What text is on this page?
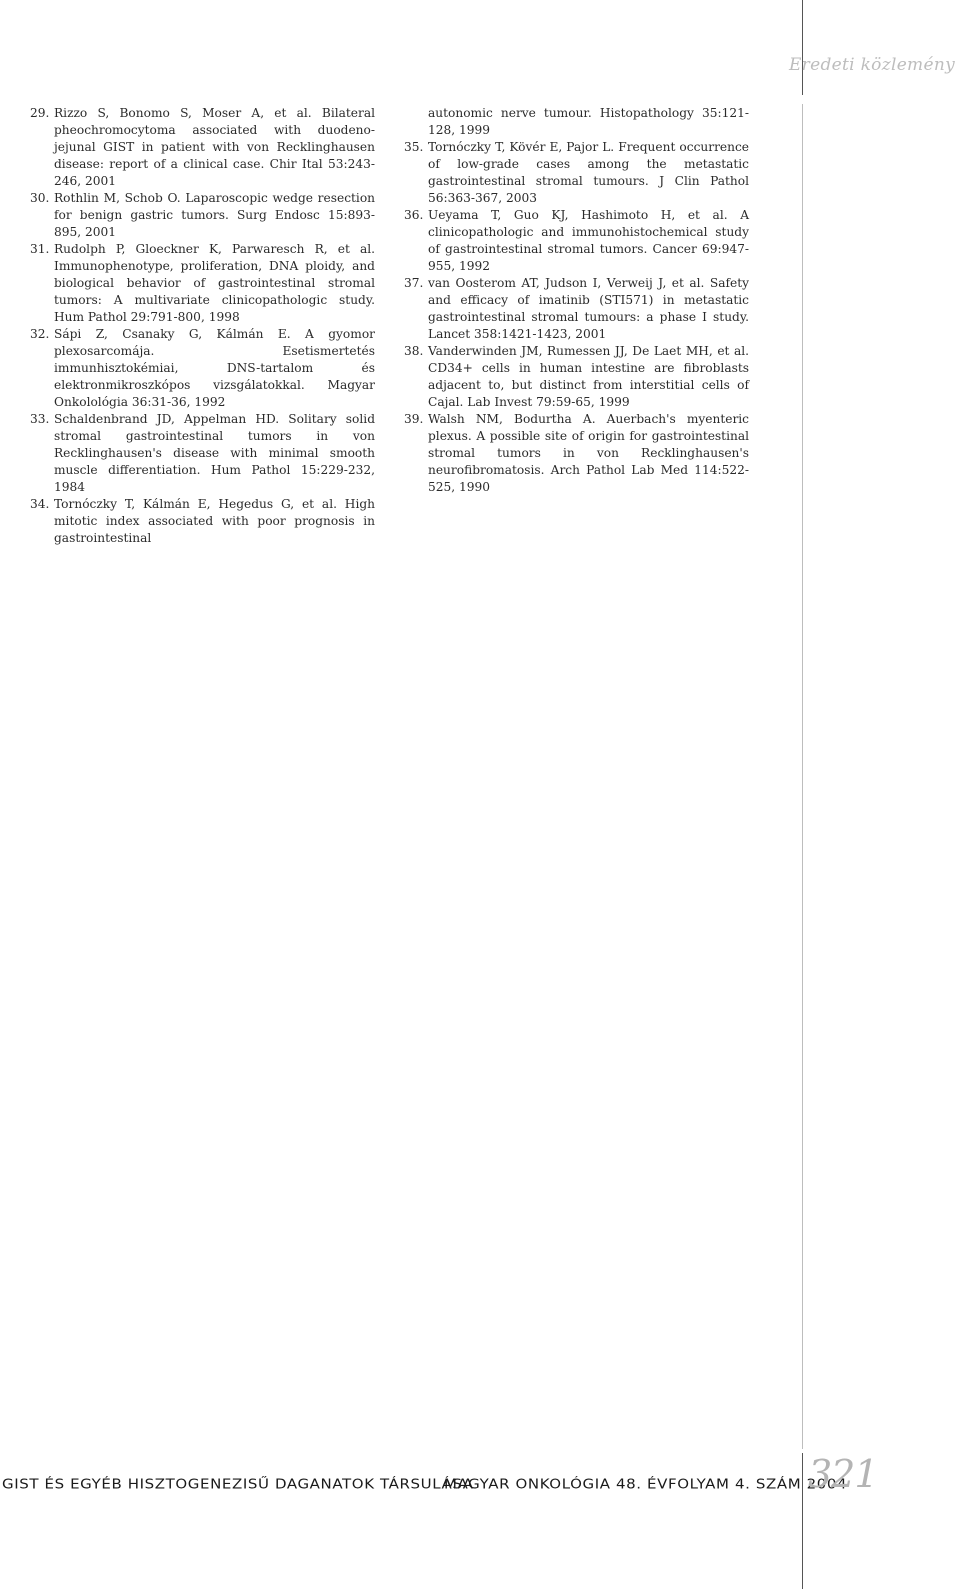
Eredeti közlemény
29. Rizzo S, Bonomo S, Moser A, et al. Bilateral pheochromocytoma associated with duodeno-jejunal GIST in patient with von Recklinghausen disease: report of a clinical case. Chir Ital 53:243-246, 2001
30. Rothlin M, Schob O. Laparoscopic wedge resection for benign gastric tumors. Surg Endosc 15:893-895, 2001
31. Rudolph P, Gloeckner K, Parwaresch R, et al. Immunophenotype, proliferation, DNA ploidy, and biological behavior of gastrointestinal stromal tumors: A multivariate clinicopathologic study. Hum Pathol 29:791-800, 1998
32. Sápi Z, Csanaky G, Kálmán E. A gyomor plexosarcomája. Esetismertetés immunhisztokémiai, DNS-tartalom és elektronmikroszkópos vizsgálatokkal. Magyar Onkolológia 36:31-36, 1992
33. Schaldenbrand JD, Appelman HD. Solitary solid stromal gastrointestinal tumors in von Recklinghausen's disease with minimal smooth muscle differentiation. Hum Pathol 15:229-232, 1984
34. Tornóczky T, Kálmán E, Hegedus G, et al. High mitotic index associated with poor prognosis in gastrointestinal
autonomic nerve tumour. Histopathology 35:121-128, 1999
35. Tornóczky T, Kövér E, Pajor L. Frequent occurrence of low-grade cases among the metastatic gastrointestinal stromal tumours. J Clin Pathol 56:363-367, 2003
36. Ueyama T, Guo KJ, Hashimoto H, et al. A clinicopathologic and immunohistochemical study of gastrointestinal stromal tumors. Cancer 69:947-955, 1992
37. van Oosterom AT, Judson I, Verweij J, et al. Safety and efficacy of imatinib (STI571) in metastatic gastrointestinal stromal tumours: a phase I study. Lancet 358:1421-1423, 2001
38. Vanderwinden JM, Rumessen JJ, De Laet MH, et al. CD34+ cells in human intestine are fibroblasts adjacent to, but distinct from interstitial cells of Cajal. Lab Invest 79:59-65, 1999
39. Walsh NM, Bodurtha A. Auerbach's myenteric plexus. A possible site of origin for gastrointestinal stromal tumors in von Recklinghausen's neurofibromatosis. Arch Pathol Lab Med 114:522-525, 1990
GIST ÉS EGYÉB HISZTOGENEZISŰ DAGANATOK TÁRSULÁSA
MAGYAR ONKOLÓGIA 48. ÉVFOLYAM 4. SZÁM 2004
321
